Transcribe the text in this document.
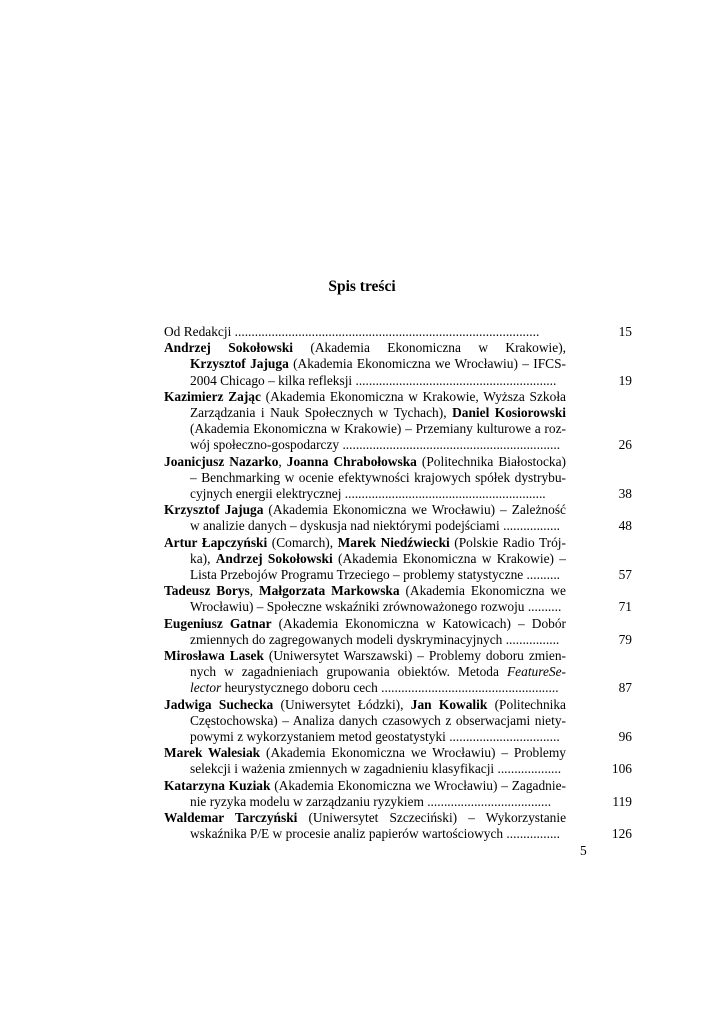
Spis treści
Od Redakcji ...........................................................................................	15
Andrzej Sokołowski (Akademia Ekonomiczna w Krakowie),
Krzysztof Jajuga (Akademia Ekonomiczna we Wrocławiu) – IFCS-
2004 Chicago – kilka refleksji ............................................................	19
Kazimierz Zając (Akademia Ekonomiczna w Krakowie, Wyższa Szkoła
Zarządzania i Nauk Społecznych w Tychach), Daniel Kosiorowski
(Akademia Ekonomiczna w Krakowie) – Przemiany kulturowe a roz-
wój społeczno-gospodarczy .................................................................	26
Joanicjusz Nazarko, Joanna Chrabołowska (Politechnika Białostocka)
– Benchmarking w ocenie efektywności krajowych spółek dystrybu-
cyjnych energii elektrycznej ............................................................	38
Krzysztof Jajuga (Akademia Ekonomiczna we Wrocławiu) – Zależność
w analizie danych – dyskusja nad niektórymi podejściami .................	48
Artur Łapczyński (Comarch), Marek Niedźwiecki (Polskie Radio Trój-
ka), Andrzej Sokołowski (Akademia Ekonomiczna w Krakowie) –
Lista Przebojów Programu Trzeciego – problemy statystyczne ..........	57
Tadeusz Borys, Małgorzata Markowska (Akademia Ekonomiczna we
Wrocławiu) – Społeczne wskaźniki zrównoważonego rozwoju ..........	71
Eugeniusz Gatnar (Akademia Ekonomiczna w Katowicach) – Dobór
zmiennych do zagregowanych modeli dyskryminacyjnych ................	79
Mirosława Lasek (Uniwersytet Warszawski) – Problemy doboru zmien-
nych w zagadnieniach grupowania obiektów. Metoda FeatureSe-
lector heurystycznego doboru cech .....................................................	87
Jadwiga Suchecka (Uniwersytet Łódzki), Jan Kowalik (Politechnika
Częstochowska) – Analiza danych czasowych z obserwacjami niety-
powymi z wykorzystaniem metod geostatystyki .................................	96
Marek Walesiak (Akademia Ekonomiczna we Wrocławiu) – Problemy
selekcji i ważenia zmiennych w zagadnieniu klasyfikacji ...................	106
Katarzyna Kuziak (Akademia Ekonomiczna we Wrocławiu) – Zagadnie-
nie ryzyka modelu w zarządzaniu ryzykiem .....................................	119
Waldemar Tarczyński (Uniwersytet Szczeciński) – Wykorzystanie
wskaźnika P/E w procesie analiz papierów wartościowych ................	126
5
